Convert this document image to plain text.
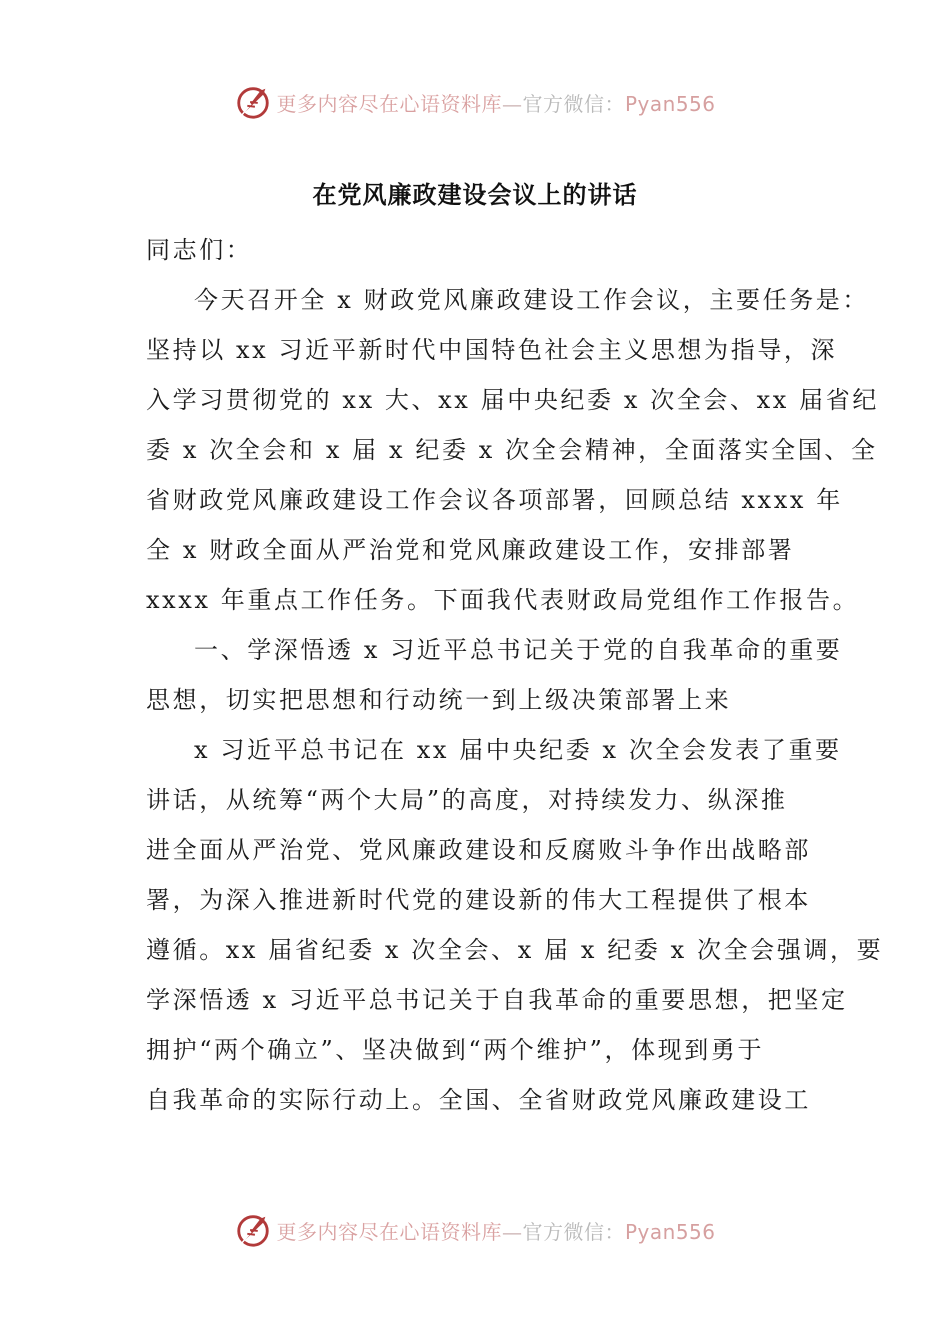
更多内容尽在心语资料库—官方微信：Pyan556
在党风廉政建设会议上的讲话
同志们：
今天召开全 x 财政党风廉政建设工作会议，主要任务是：
坚持以 xx 习近平新时代中国特色社会主义思想为指导，深
入学习贯彻党的 xx 大、xx 届中央纪委 x 次全会、xx 届省纪
委 x 次全会和 x 届 x 纪委 x 次全会精神，全面落实全国、全
省财政党风廉政建设工作会议各项部署，回顾总结 xxxx 年
全 x 财政全面从严治党和党风廉政建设工作，安排部署
xxxx 年重点工作任务。下面我代表财政局党组作工作报告。
一、学深悟透 x 习近平总书记关于党的自我革命的重要
思想，切实把思想和行动统一到上级决策部署上来
x 习近平总书记在 xx 届中央纪委 x 次全会发表了重要
讲话，从统筹“两个大局”的高度，对持续发力、纵深推
进全面从严治党、党风廉政建设和反腐败斗争作出战略部
署，为深入推进新时代党的建设新的伟大工程提供了根本
遵循。xx 届省纪委 x 次全会、x 届 x 纪委 x 次全会强调，要
学深悟透 x 习近平总书记关于自我革命的重要思想，把坚定
拥护“两个确立”、坚决做到“两个维护”，体现到勇于
自我革命的实际行动上。全国、全省财政党风廉政建设工
更多内容尽在心语资料库—官方微信：Pyan556
